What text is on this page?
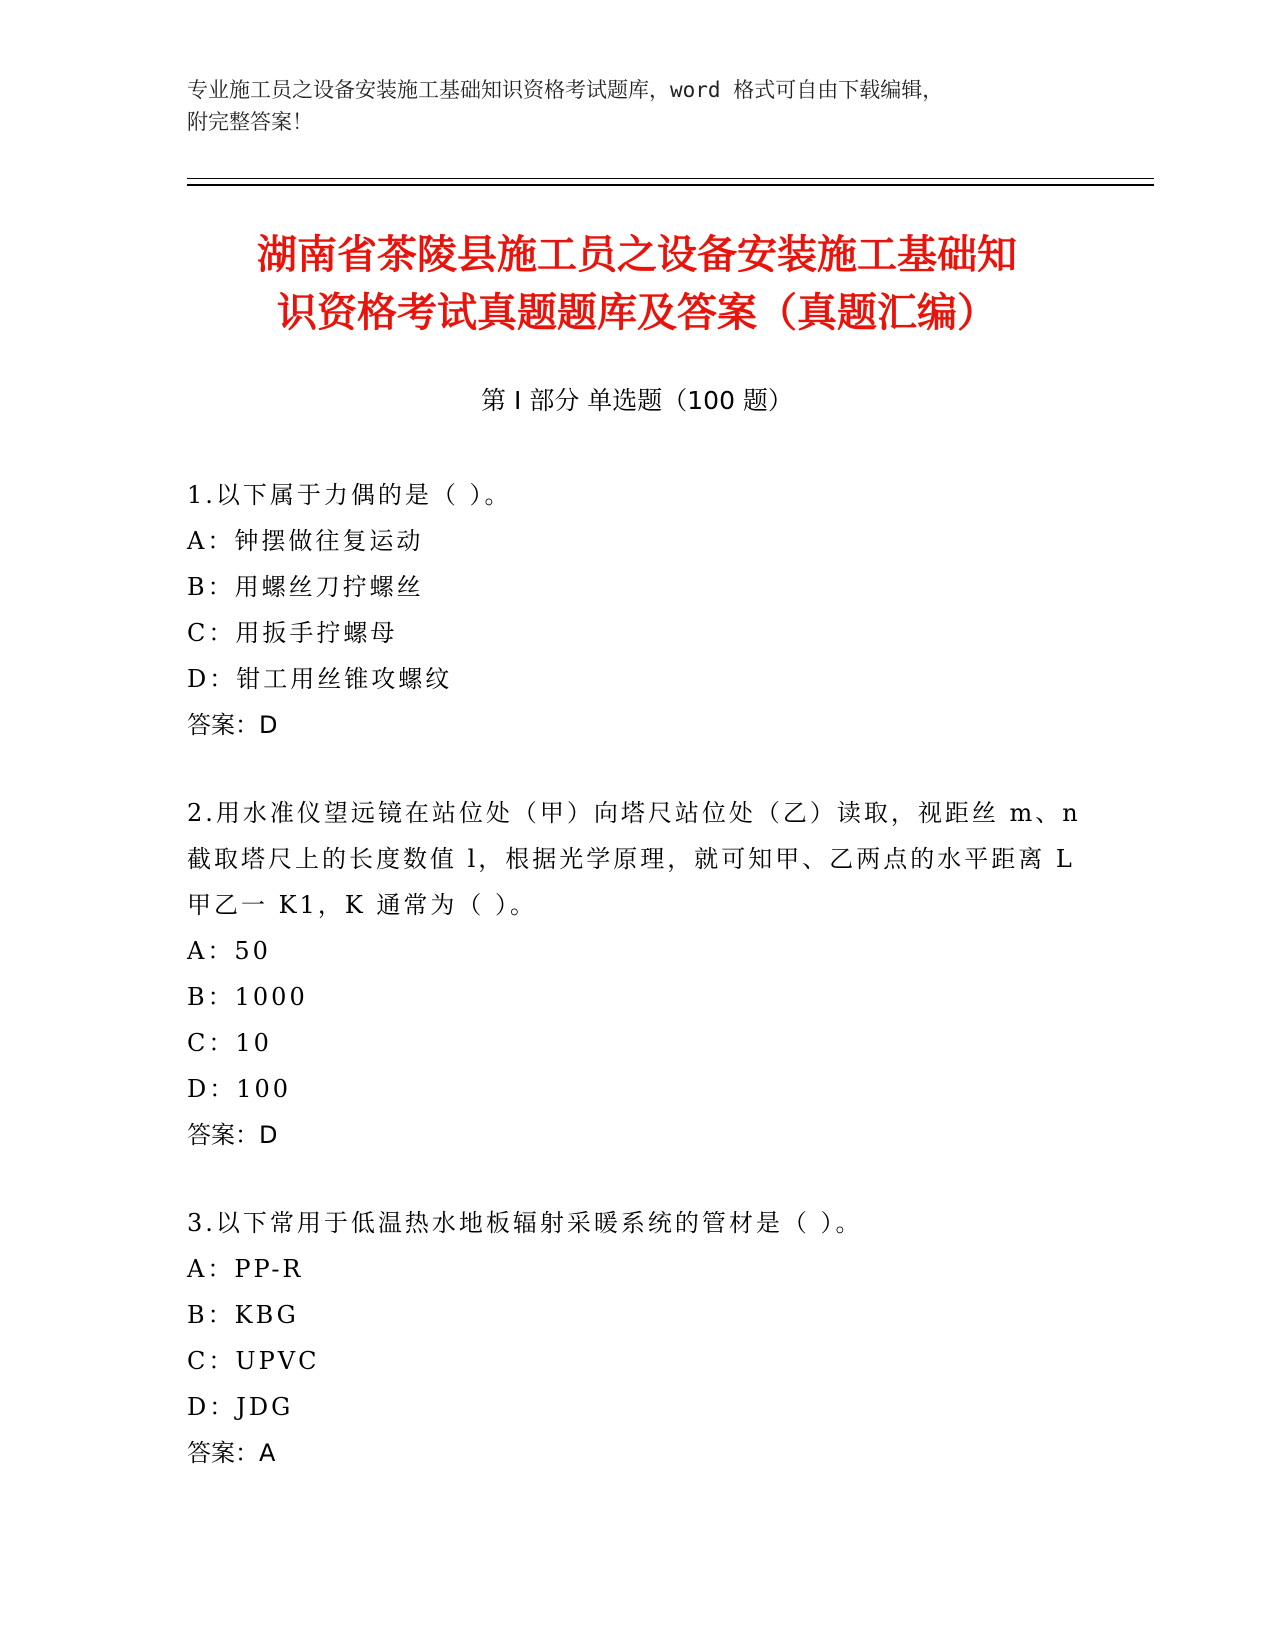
专业施工员之设备安装施工基础知识资格考试题库，word 格式可自由下载编辑，
附完整答案！
湖南省茶陵县施工员之设备安装施工基础知
识资格考试真题题库及答案（真题汇编）
第 I 部分 单选题（100 题）
1.以下属于力偶的是（ ）。
A：钟摆做往复运动
B：用螺丝刀拧螺丝
C：用扳手拧螺母
D：钳工用丝锥攻螺纹
答案：D
2.用水准仪望远镜在站位处（甲）向塔尺站位处（乙）读取，视距丝 m、n 截取塔尺上的长度数值 l，根据光学原理，就可知甲、乙两点的水平距离 L 甲乙一 K1，K 通常为（ ）。
A：50
B：1000
C：10
D：100
答案：D
3.以下常用于低温热水地板辐射采暖系统的管材是（ ）。
A：PP-R
B：KBG
C：UPVC
D：JDG
答案：A
